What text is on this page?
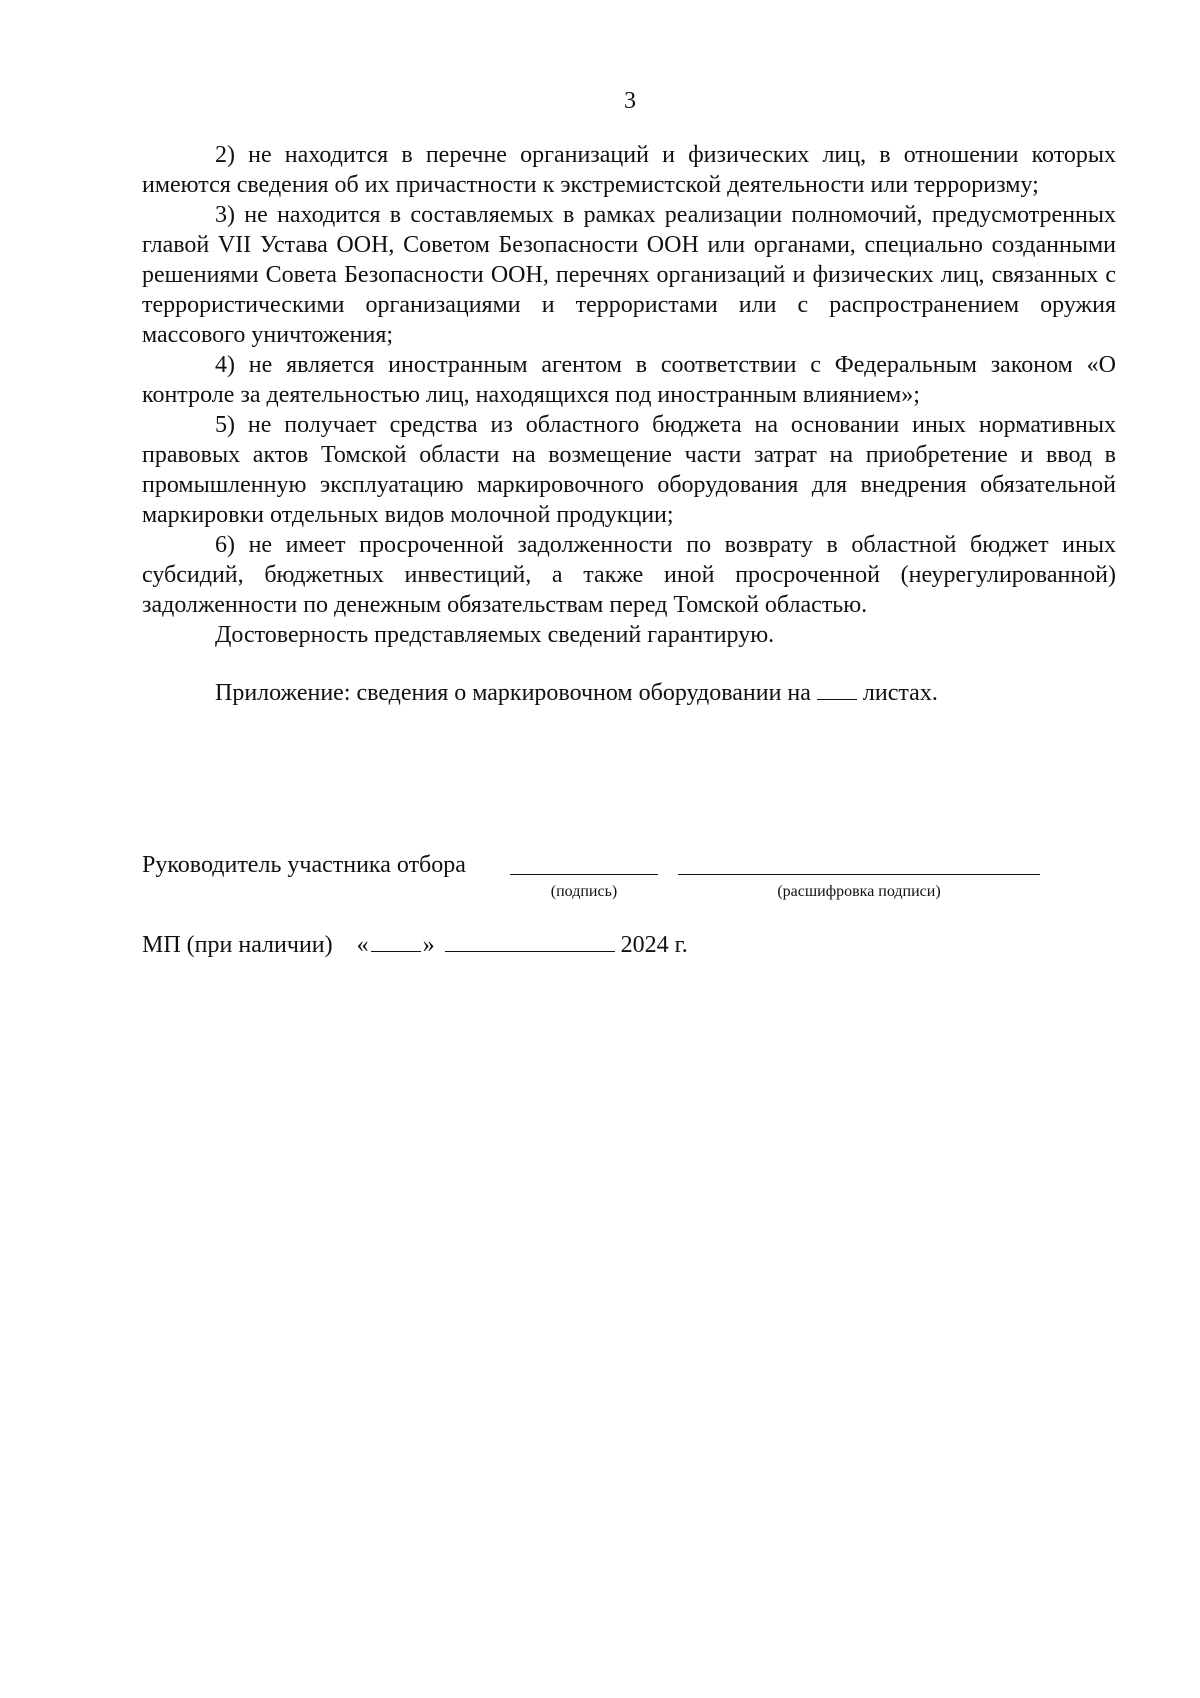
3

2) не находится в перечне организаций и физических лиц, в отношении которых имеются сведения об их причастности к экстремистской деятельности или терроризму;

3) не находится в составляемых в рамках реализации полномочий, предусмотренных главой VII Устава ООН, Советом Безопасности ООН или органами, специально созданными решениями Совета Безопасности ООН, перечнях организаций и физических лиц, связанных с террористическими организациями и террористами или с распространением оружия массового уничтожения;

4) не является иностранным агентом в соответствии с Федеральным законом «О контроле за деятельностью лиц, находящихся под иностранным влиянием»;

5) не получает средства из областного бюджета на основании иных нормативных правовых актов Томской области на возмещение части затрат на приобретение и ввод в промышленную эксплуатацию маркировочного оборудования для внедрения обязательной маркировки отдельных видов молочной продукции;

6) не имеет просроченной задолженности по возврату в областной бюджет иных субсидий, бюджетных инвестиций, а также иной просроченной (неурегулированной) задолженности по денежным обязательствам перед Томской областью.

Достоверность представляемых сведений гарантирую.

Приложение: сведения о маркировочном оборудовании на листах.

Руководитель участника отбора
(подпись)	(расшифровка подписи)
МП (при наличии) « »	2024 г.
